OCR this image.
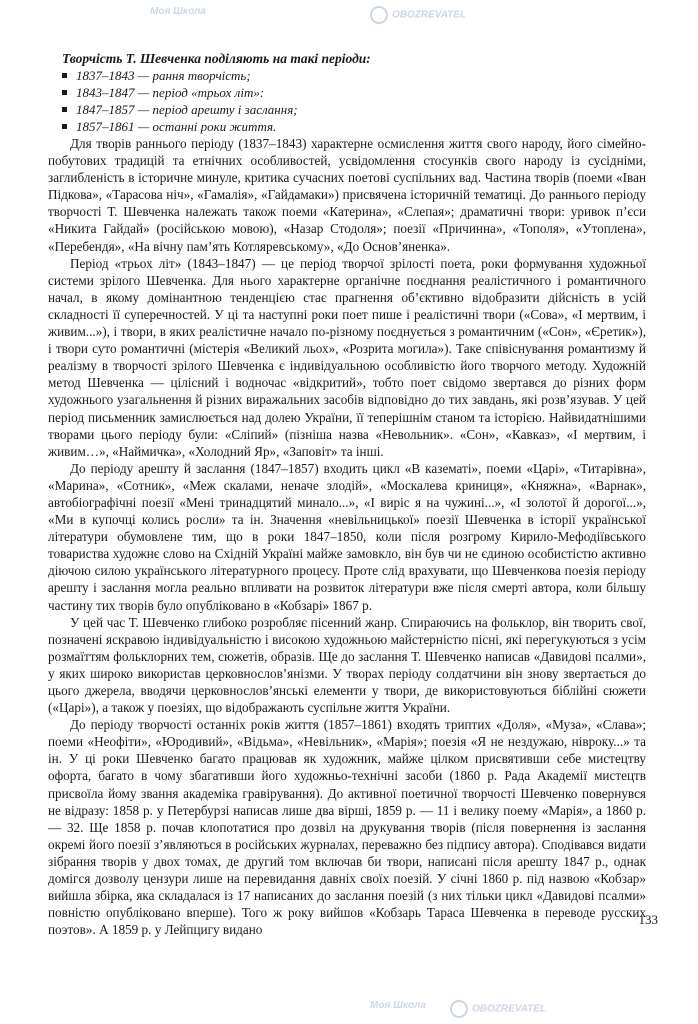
Творчість Т. Шевченка поділяють на такі періоди:
1837–1843 — рання творчість;
1843–1847 — період «трьох літ»:
1847–1857 — період арешту і заслання;
1857–1861 — останні роки життя.

Для творів раннього періоду (1837–1843) характерне осмислення життя свого народу, його сімейно-побутових традицій та етнічних особливостей, усвідомлення стосунків свого народу із сусідніми, заглибленість в історичне минуле, критика сучасних поетові суспільних вад. Частина творів (поеми «Іван Підкова», «Тарасова ніч», «Гамалія», «Гайдамаки») присвячена історичній тематиці. До раннього періоду творчості Т. Шевченка належать також поеми «Катерина», «Слепая»; драматичні твори: уривок п’єси «Никита Гайдай» (російською мовою), «Назар Стодоля»; поезії «Причинна», «Тополя», «Утоплена», «Перебендя», «На вічну пам’ять Котляревському», «До Основ’яненка».

Період «трьох літ» (1843–1847) — це період творчої зрілості поета, роки формування художньої системи зрілого Шевченка. Для нього характерне органічне поєднання реалістичного і романтичного начал, в якому домінантною тенденцією стає прагнення об’єктивно відобразити дійсність в усій складності її суперечностей. У ці та наступні роки поет пише і реалістичні твори («Сова», «І мертвим, і живим...»), і твори, в яких реалістичне начало по-різному поєднується з романтичним («Сон», «Єретик»), і твори суто романтичні (містерія «Великий льох», «Розрита могила»). Таке співіснування романтизму й реалізму в творчості зрілого Шевченка є індивідуальною особливістю його творчого методу. Художній метод Шевченка — цілісний і водночас «відкритий», тобто поет свідомо звертався до різних форм художнього узагальнення й різних виражальних засобів відповідно до тих завдань, які розв’язував. У цей період письменник замислюється над долею України, її теперішнім станом та історією. Найвидатнішими творами цього періоду були: «Сліпий» (пізніша назва «Невольник». «Сон», «Кавказ», «І мертвим, і живим…», «Наймичка», «Холодний Яр», «Заповіт» та інші.

До періоду арешту й заслання (1847–1857) входить цикл «В казематі», поеми «Царі», «Титарівна», «Марина», «Сотник», «Меж скалами, неначе злодій», «Москалева криниця», «Княжна», «Варнак», автобіографічні поезії «Мені тринадцятий минало...», «І виріс я на чужині...», «І золотої й дорогої...», «Ми в купочці колись росли» та ін. Значення «невільницької» поезії Шевченка в історії української літератури обумовлене тим, що в роки 1847–1850, коли після розгрому Кирило-Мефодіївського товариства художнє слово на Східній Україні майже замовкло, він був чи не єдиною особистістю активно діючою силою українського літературного процесу. Проте слід врахувати, що Шевченкова поезія періоду арешту і заслання могла реально впливати на розвиток літератури вже після смерті автора, коли більшу частину тих творів було опубліковано в «Кобзарі» 1867 р.

У цей час Т. Шевченко глибоко розробляє пісенний жанр. Спираючись на фольклор, він творить свої, позначені яскравою індивідуальністю і високою художньою майстерністю пісні, які перегукуються з усім розмаїттям фольклорних тем, сюжетів, образів. Ще до заслання Т. Шевченко написав «Давидові псалми», у яких широко використав церковнослов’янізми. У творах періоду солдатчини він знову звертається до цього джерела, вводячи церковнослов’янські елементи у твори, де використовуються біблійні сюжети («Царі»), а також у поезіях, що відображають суспільне життя України.

До періоду творчості останніх років життя (1857–1861) входять триптих «Доля», «Муза», «Слава»; поеми «Неофіти», «Юродивий», «Відьма», «Невільник», «Марія»; поезія «Я не нездужаю, нівроку...» та ін. У ці роки Шевченко багато працював як художник, майже цілком присвятивши себе мистецтву офорта, багато в чому збагативши його художньо-технічні засоби (1860 р. Рада Академії мистецтв присвоїла йому звання академіка гравірування). До активної поетичної творчості Шевченко повернувся не відразу: 1858 р. у Петербурзі написав лише два вірші, 1859 р. — 11 і велику поему «Марія», а 1860 р. — 32. Ще 1858 р. почав клопотатися про дозвіл на друкування творів (після повернення із заслання окремі його поезії з’являються в російських журналах, переважно без підпису автора). Сподівався видати зібрання творів у двох томах, де другий том включав би твори, написані після арешту 1847 р., однак домігся дозволу цензури лише на перевидання давніх своїх поезій. У січні 1860 р. під назвою «Кобзар» вийшла збірка, яка складалася із 17 написаних до заслання поезій (з них тільки цикл «Давидові псалми» повністю опубліковано вперше). Того ж року вийшов «Кобзарь Тараса Шевченка в переводе русских поэтов». А 1859 р. у Лейпцигу видано

133
Моя Школа	OBOZREVATEL
Моя Школа	OBOZREVATEL
